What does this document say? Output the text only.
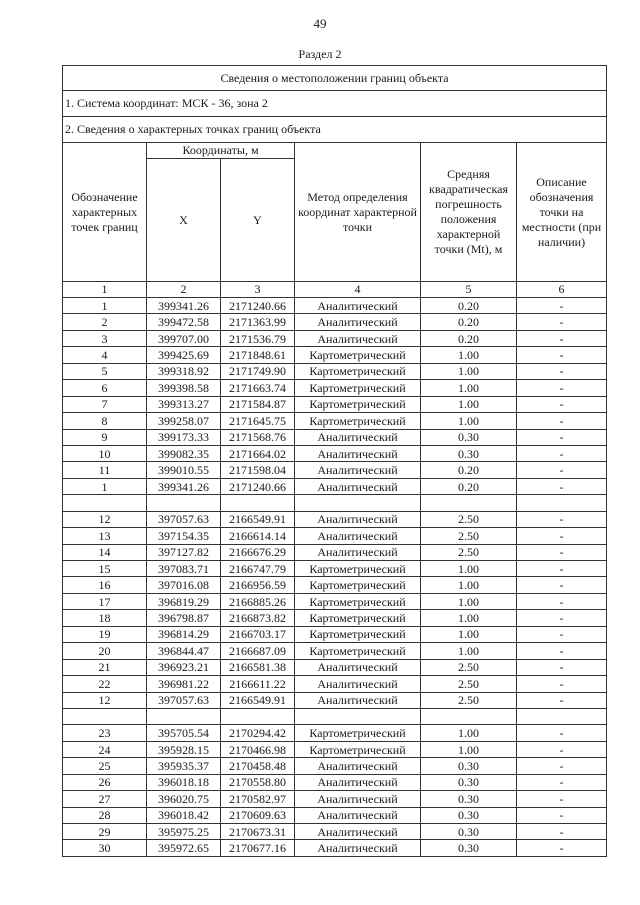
49
Раздел 2
Сведения о местоположении границ объекта					
1. Система координат: МСК - 36, зона 2					
2. Сведения о характерных точках границ объекта					
Обозначение характерных точек границ	Координаты, м		Метод определения координат характерной точки	Средняя квадратическая погрешность положения характерной точки (Mt), м	Описание обозначения точки на местности (при наличии)
	X	Y			
1	2	3	4	5	6
1	399341.26	2171240.66	Аналитический	0.20	-
2	399472.58	2171363.99	Аналитический	0.20	-
3	399707.00	2171536.79	Аналитический	0.20	-
4	399425.69	2171848.61	Картометрический	1.00	-
5	399318.92	2171749.90	Картометрический	1.00	-
6	399398.58	2171663.74	Картометрический	1.00	-
7	399313.27	2171584.87	Картометрический	1.00	-
8	399258.07	2171645.75	Картометрический	1.00	-
9	399173.33	2171568.76	Аналитический	0.30	-
10	399082.35	2171664.02	Аналитический	0.30	-
11	399010.55	2171598.04	Аналитический	0.20	-
1	399341.26	2171240.66	Аналитический	0.20	-

12	397057.63	2166549.91	Аналитический	2.50	-
13	397154.35	2166614.14	Аналитический	2.50	-
14	397127.82	2166676.29	Аналитический	2.50	-
15	397083.71	2166747.79	Картометрический	1.00	-
16	397016.08	2166956.59	Картометрический	1.00	-
17	396819.29	2166885.26	Картометрический	1.00	-
18	396798.87	2166873.82	Картометрический	1.00	-
19	396814.29	2166703.17	Картометрический	1.00	-
20	396844.47	2166687.09	Картометрический	1.00	-
21	396923.21	2166581.38	Аналитический	2.50	-
22	396981.22	2166611.22	Аналитический	2.50	-
12	397057.63	2166549.91	Аналитический	2.50	-

23	395705.54	2170294.42	Картометрический	1.00	-
24	395928.15	2170466.98	Картометрический	1.00	-
25	395935.37	2170458.48	Аналитический	0.30	-
26	396018.18	2170558.80	Аналитический	0.30	-
27	396020.75	2170582.97	Аналитический	0.30	-
28	396018.42	2170609.63	Аналитический	0.30	-
29	395975.25	2170673.31	Аналитический	0.30	-
30	395972.65	2170677.16	Аналитический	0.30	-
